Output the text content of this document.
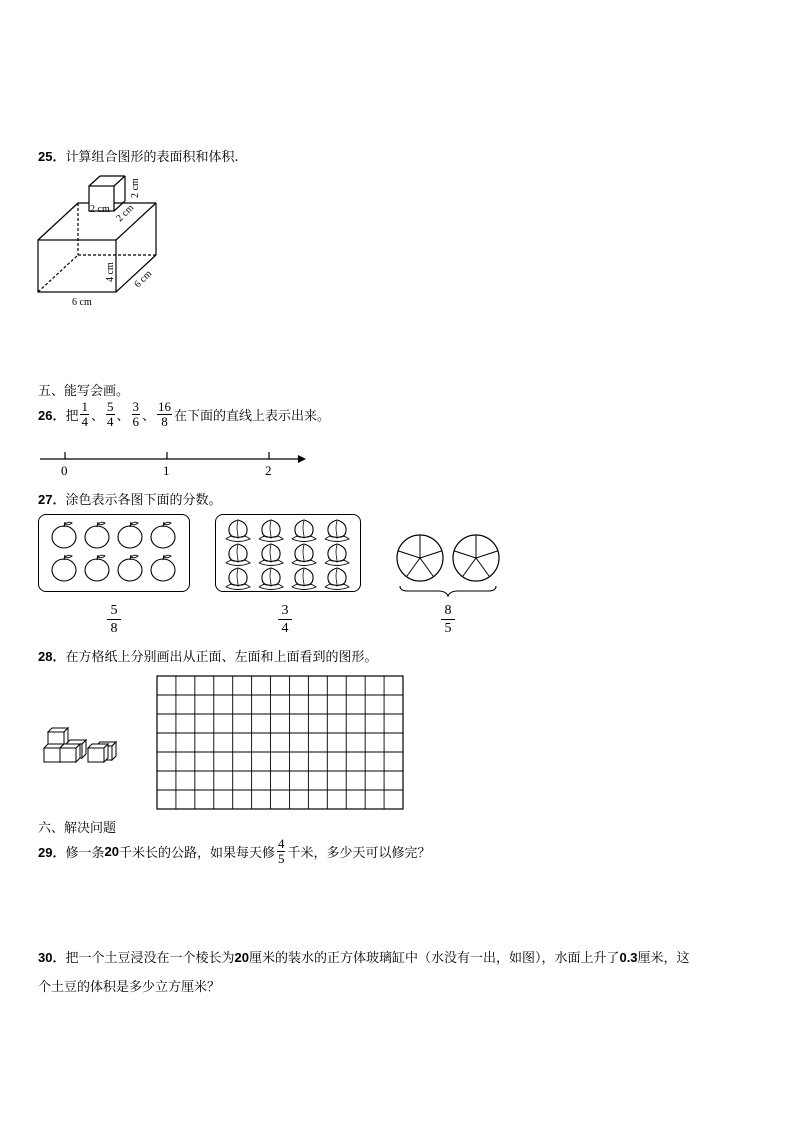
25．计算组合图形的表面积和体积.
2 cm
2 cm
2 cm
4 cm 6 cm
6 cm
五、能写会画。
26． 把 $\frac{1}{4}$ 、 $\frac{5}{4}$ 、 $\frac{3}{6}$ 、 $\frac{16}{8}$ 在下面的直线上表示出来。
0	1	2
27．涂色表示各图下面的分数。
5
8
3
4
8
5
28．在方格纸上分别画出从正面、左面和上面看到的图形。
六、解决问题
29． 修一条 20 千米长的公路，如果每天修 $\frac{4}{5}$ 千米，多少天可以修完？
30．把一个土豆浸没在一个棱长为20厘米的装水的正方体玻璃缸中（水没有一出，如图），水面上升了0.3厘米，这
个土豆的体积是多少立方厘米？
